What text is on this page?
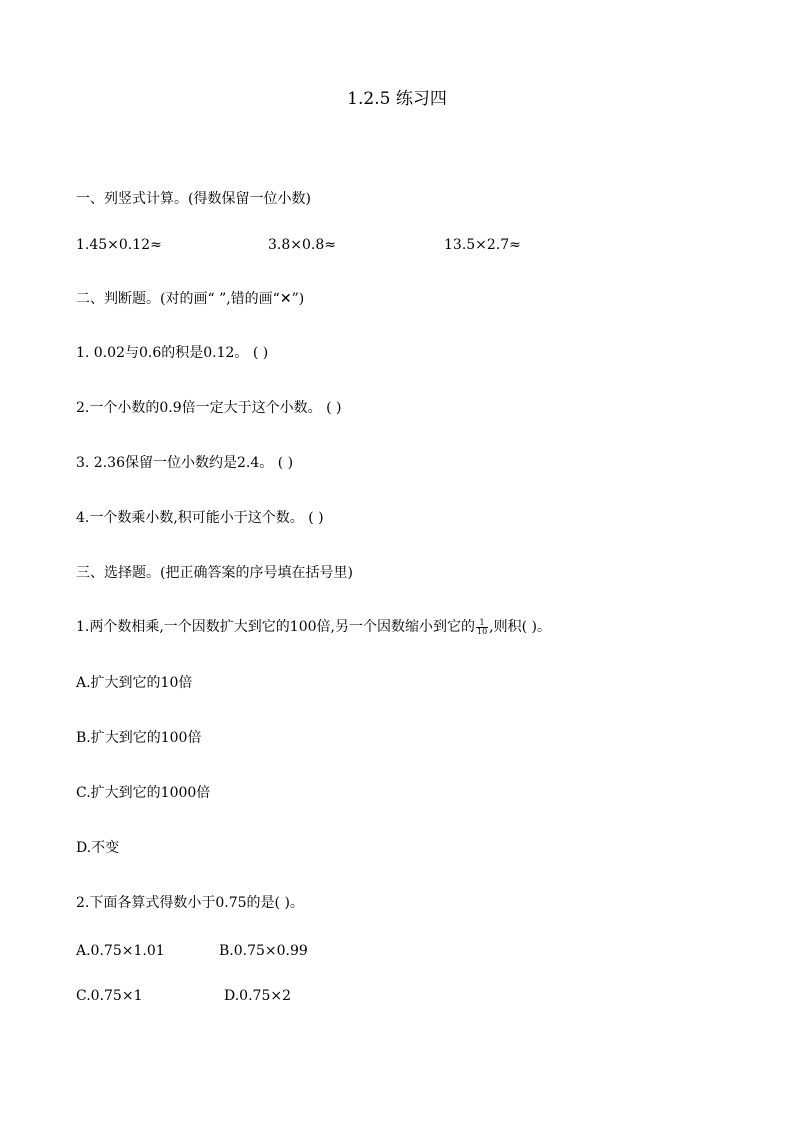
1.2.5 练习四
一、列竖式计算。(得数保留一位小数)
1.45×0.12≈	3.8×0.8≈	13.5×2.7≈
二、判断题。(对的画“ ”,错的画“✕”)
1. 0.02与0.6的积是0.12。 ( )
2.一个小数的0.9倍一定大于这个小数。 ( )
3. 2.36保留一位小数约是2.4。 ( )
4.一个数乘小数,积可能小于这个数。 ( )
三、选择题。(把正确答案的序号填在括号里)
1.两个数相乘,一个因数扩大到它的100倍,另一个因数缩小到它的 $\frac{1}{10}$ ,则积( )。
A.扩大到它的10倍
B.扩大到它的100倍
C.扩大到它的1000倍
D.不变
2.下面各算式得数小于0.75的是( )。
A.0.75×1.01	B.0.75×0.99
C.0.75×1	D.0.75×2
